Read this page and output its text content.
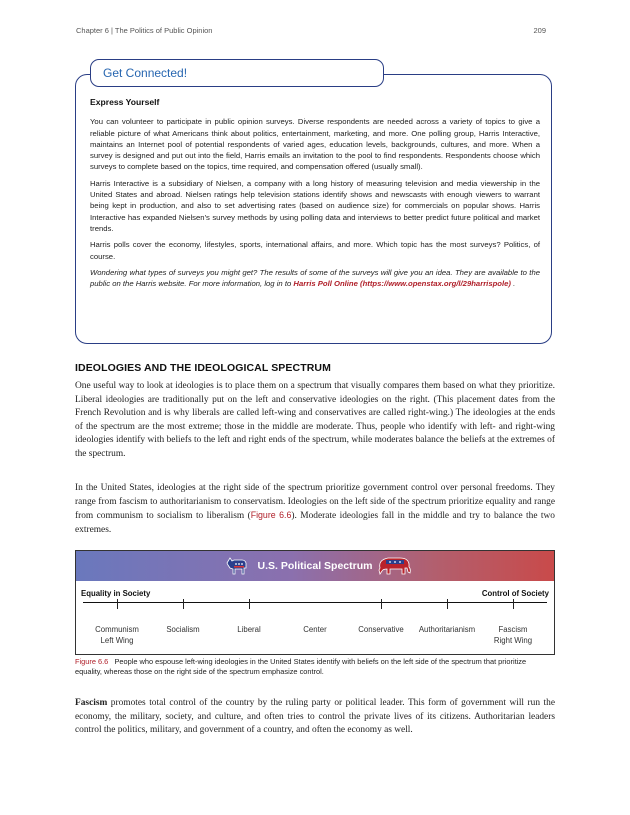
Chapter 6 | The Politics of Public Opinion	209
Get Connected!
Express Yourself

You can volunteer to participate in public opinion surveys. Diverse respondents are needed across a variety of topics to give a reliable picture of what Americans think about politics, entertainment, marketing, and more. One polling group, Harris Interactive, maintains an Internet pool of potential respondents of varied ages, education levels, backgrounds, cultures, and more. When a survey is designed and put out into the field, Harris emails an invitation to the pool to find respondents. Respondents choose which surveys to complete based on the topics, time required, and compensation offered (usually small).

Harris Interactive is a subsidiary of Nielsen, a company with a long history of measuring television and media viewership in the United States and abroad. Nielsen ratings help television stations identify shows and newscasts with enough viewers to warrant being kept in production, and also to set advertising rates (based on audience size) for commercials on popular shows. Harris Interactive has expanded Nielsen's survey methods by using polling data and interviews to better predict future political and market trends.

Harris polls cover the economy, lifestyles, sports, international affairs, and more. Which topic has the most surveys? Politics, of course.

Wondering what types of surveys you might get? The results of some of the surveys will give you an idea. They are available to the public on the Harris website. For more information, log in to Harris Poll Online (https://www.openstax.org/l/29harrispole) .

IDEOLOGIES AND THE IDEOLOGICAL SPECTRUM

One useful way to look at ideologies is to place them on a spectrum that visually compares them based on what they prioritize. Liberal ideologies are traditionally put on the left and conservative ideologies on the right. (This placement dates from the French Revolution and is why liberals are called left-wing and conservatives are called right-wing.) The ideologies at the ends of the spectrum are the most extreme; those in the middle are moderate. Thus, people who identify with left- and right-wing ideologies identify with beliefs to the left and right ends of the spectrum, while moderates balance the beliefs at the extremes of the spectrum.

In the United States, ideologies at the right side of the spectrum prioritize government control over personal freedoms. They range from fascism to authoritarianism to conservatism. Ideologies on the left side of the spectrum prioritize equality and range from communism to socialism to liberalism (Figure 6.6). Moderate ideologies fall in the middle and try to balance the two extremes.

U.S. Political Spectrum
Equality in Society	Control of Society
Communism
Left Wing
Socialism	Liberal	Center	Conservative	Authoritarianism	Fascism
Right Wing
Figure 6.6 People who espouse left-wing ideologies in the United States identify with beliefs on the left side of the spectrum that prioritize equality, whereas those on the right side of the spectrum emphasize control.

Fascism promotes total control of the country by the ruling party or political leader. This form of government will run the economy, the military, society, and culture, and often tries to control the private lives of its citizens. Authoritarian leaders control the politics, military, and government of a country, and often the economy as well.
